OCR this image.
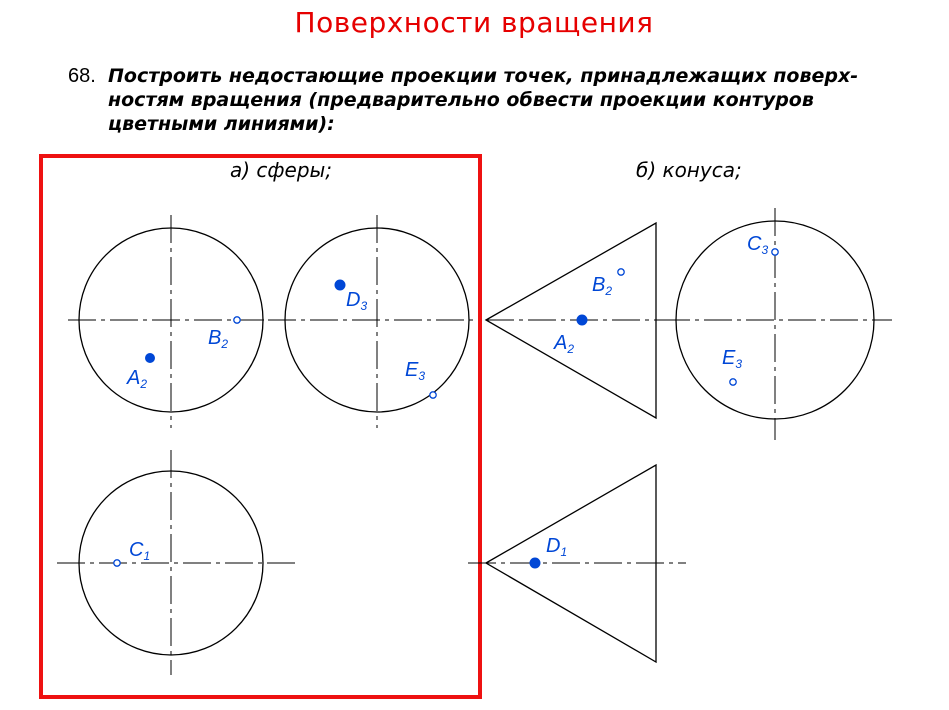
Поверхности вращения
68. Построить недостающие проекции точек, принадлежащих поверх-
ностям вращения (предварительно обвести проекции контуров
цветными линиями):
а) сферы;	б) конуса;
$A_2$
$B_2$
$D_3$
$E_3$
$C_1$
$B_2$
$A_2$
$C_3$
$E_3$
$D_1$
